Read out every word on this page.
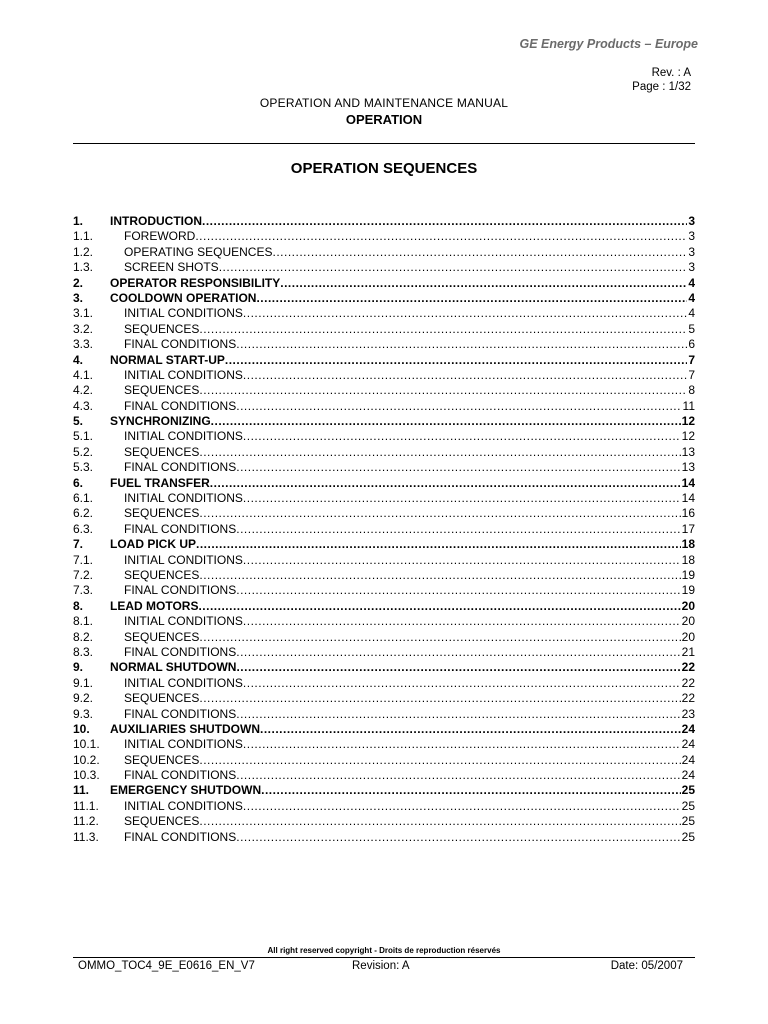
GE Energy Products – Europe
Rev. : A
Page : 1/32
OPERATION AND MAINTENANCE MANUAL
OPERATION
OPERATION SEQUENCES
1.	INTRODUCTION .....	3
1.1.	FOREWORD .....	3
1.2.	OPERATING SEQUENCES .....	3
1.3.	SCREEN SHOTS .....	3
2.	OPERATOR RESPONSIBILITY .....	4
3.	COOLDOWN OPERATION .....	4
3.1.	INITIAL CONDITIONS .....	4
3.2.	SEQUENCES .....	5
3.3.	FINAL CONDITIONS .....	6
4.	NORMAL START-UP .....	7
4.1.	INITIAL CONDITIONS .....	7
4.2.	SEQUENCES .....	8
4.3.	FINAL CONDITIONS .....	11
5.	SYNCHRONIZING .....	12
5.1.	INITIAL CONDITIONS .....	12
5.2.	SEQUENCES .....	13
5.3.	FINAL CONDITIONS .....	13
6.	FUEL TRANSFER .....	14
6.1.	INITIAL CONDITIONS .....	14
6.2.	SEQUENCES .....	16
6.3.	FINAL CONDITIONS .....	17
7.	LOAD PICK UP .....	18
7.1.	INITIAL CONDITIONS .....	18
7.2.	SEQUENCES .....	19
7.3.	FINAL CONDITIONS .....	19
8.	LEAD MOTORS .....	20
8.1.	INITIAL CONDITIONS .....	20
8.2.	SEQUENCES .....	20
8.3.	FINAL CONDITIONS .....	21
9.	NORMAL SHUTDOWN .....	22
9.1.	INITIAL CONDITIONS .....	22
9.2.	SEQUENCES .....	22
9.3.	FINAL CONDITIONS .....	23
10.	AUXILIARIES SHUTDOWN .....	24
10.1.	INITIAL CONDITIONS .....	24
10.2.	SEQUENCES .....	24
10.3.	FINAL CONDITIONS .....	24
11.	EMERGENCY SHUTDOWN .....	25
11.1.	INITIAL CONDITIONS .....	25
11.2.	SEQUENCES .....	25
11.3.	FINAL CONDITIONS .....	25
All right reserved copyright - Droits de reproduction réservés
OMMO_TOC4_9E_E0616_EN_V7	Revision: A	Date: 05/2007
